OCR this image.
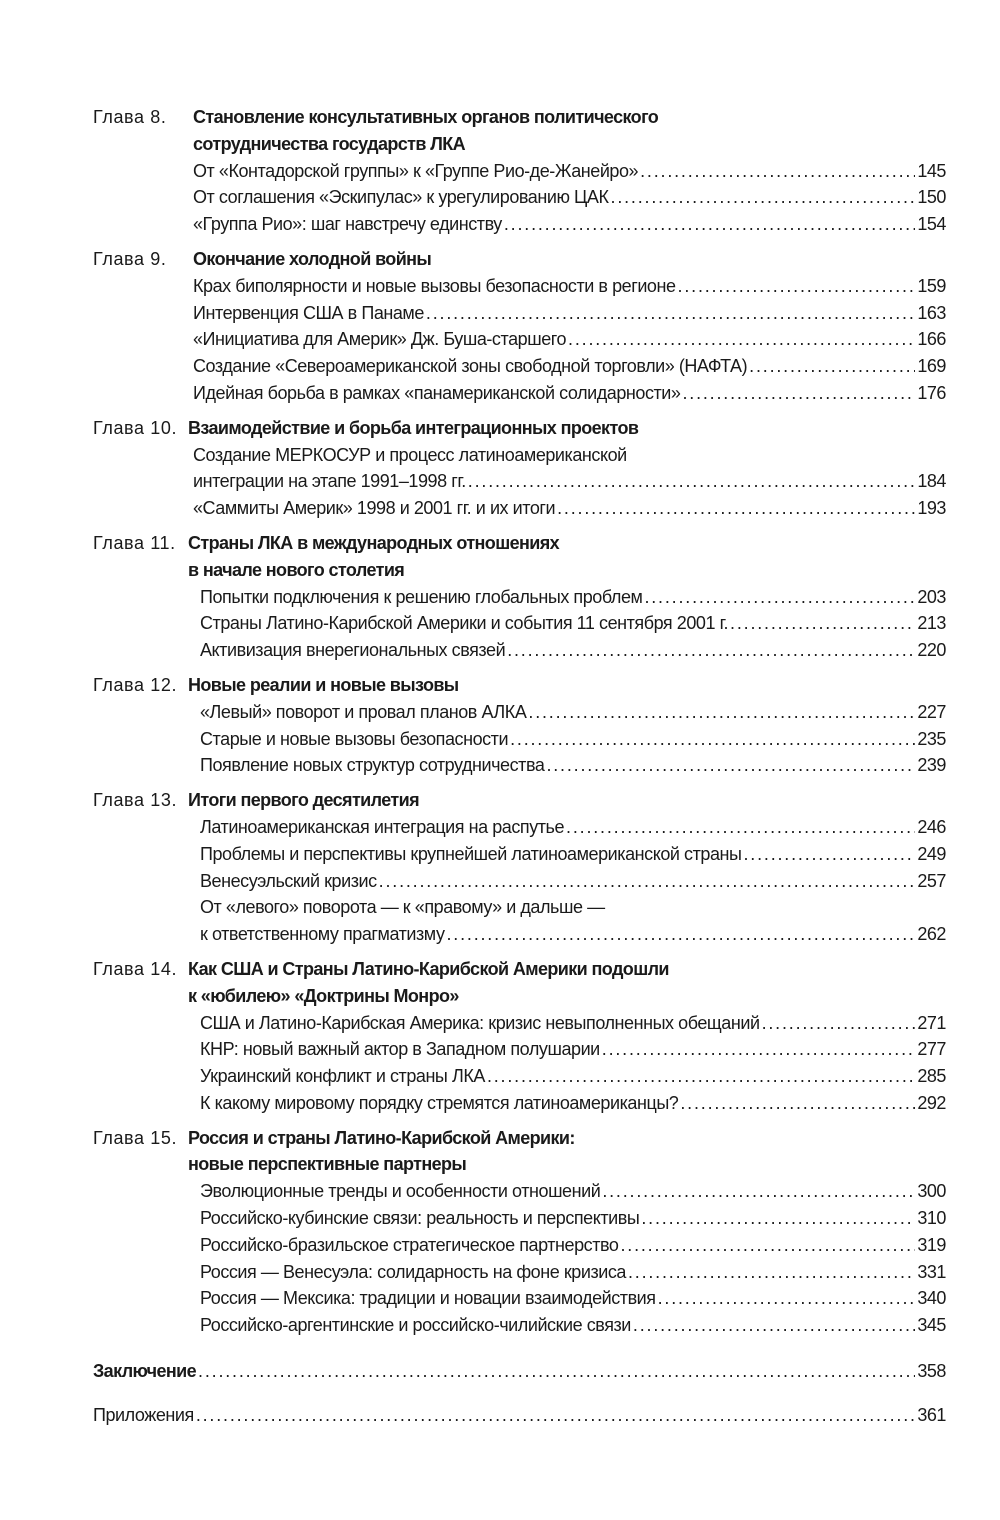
Глава 8.	Становление консультативных органов политического
сотрудничества государств ЛКА
От «Контадорской группы» к «Группе Рио-де-Жанейро» . . .	145
От соглашения «Эскипулас» к урегулированию ЦАК . . .	150
«Группа Рио»: шаг навстречу единству . . .	154
Глава 9.	Окончание холодной войны
Крах биполярности и новые вызовы безопасности в регионе . . .	159
Интервенция США в Панаме . . .	163
«Инициатива для Америк» Дж. Буша-старшего . . .	166
Создание «Североамериканской зоны свободной торговли» (НАФТА) . . .	169
Идейная борьба в рамках «панамериканской солидарности» . . .	176
Глава 10. Взаимодействие и борьба интеграционных проектов
Создание МЕРКОСУР и процесс латиноамериканской
интеграции на этапе 1991–1998 гг. . . .	184
«Саммиты Америк» 1998 и 2001 гг. и их итоги . . .	193
Глава 11. Страны ЛКА в международных отношениях
в начале нового столетия
Попытки подключения к решению глобальных проблем . . .	203
Страны Латино-Карибской Америки и события 11 сентября 2001 г. . . .	213
Активизация внерегиональных связей . . .	220
Глава 12. Новые реалии и новые вызовы
«Левый» поворот и провал планов АЛКА . . .	227
Старые и новые вызовы безопасности . . .	235
Появление новых структур сотрудничества . . .	239
Глава 13. Итоги первого десятилетия
Латиноамериканская интеграция на распутье . . .	246
Проблемы и перспективы крупнейшей латиноамериканской страны . . .	249
Венесуэльский кризис . . .	257
От «левого» поворота — к «правому» и дальше —
к ответственному прагматизму . . .	262
Глава 14. Как США и Страны Латино-Карибской Америки подошли
к «юбилею» «Доктрины Монро»
США и Латино-Карибская Америка: кризис невыполненных обещаний . . .	271
КНР: новый важный актор в Западном полушарии . . .	277
Украинский конфликт и страны ЛКА . . .	285
К какому мировому порядку стремятся латиноамериканцы? . . .	292
Глава 15. Россия и страны Латино-Карибской Америки:
новые перспективные партнеры
Эволюционные тренды и особенности отношений . . .	300
Российско-кубинские связи: реальность и перспективы . . .	310
Российско-бразильское стратегическое партнерство . . .	319
Россия — Венесуэла: солидарность на фоне кризиса . . .	331
Россия — Мексика: традиции и новации взаимодействия . . .	340
Российско-аргентинские и российско-чилийские связи . . .	345
Заключение . . .	358
Приложения . . .	361
